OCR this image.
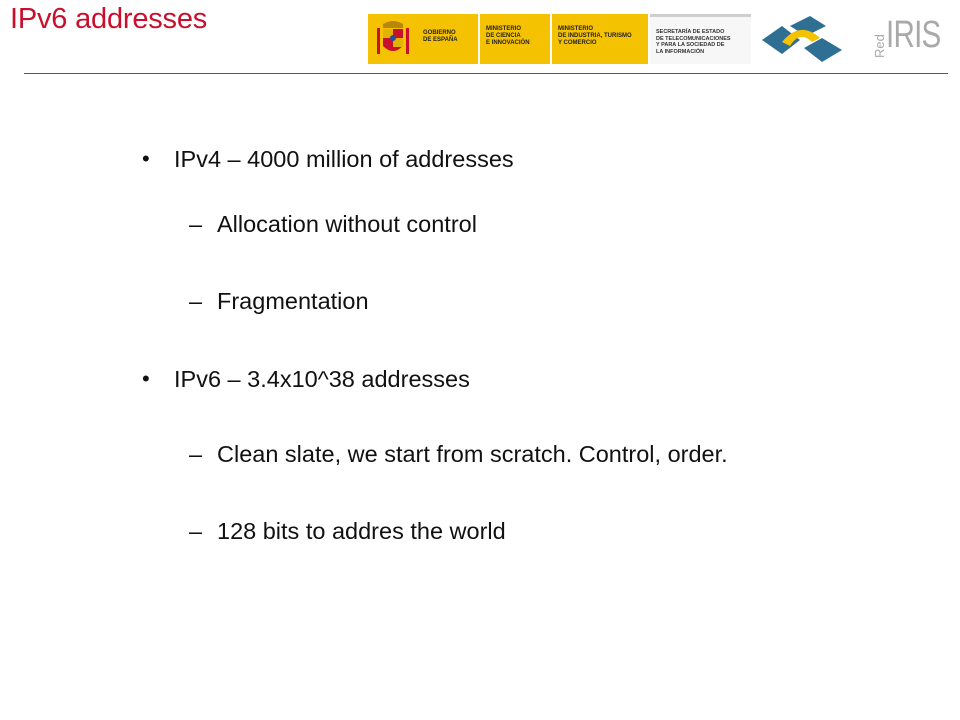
IPv6 addresses	GOBIERNO
DE ESPAÑA
MINISTERIO
DE CIENCIA
E INNOVACIÓN
MINISTERIO
DE INDUSTRIA, TURISMO
Y COMERCIO
SECRETARÍA DE ESTADO
DE TELECOMUNICACIONES
Y PARA LA SOCIEDAD DE
LA INFORMACIÓN	Red IRIS
• IPv4 – 4000 million of addresses
– Allocation without control
– Fragmentation
• IPv6 – 3.4x10^38 addresses
– Clean slate, we start from scratch. Control, order.
– 128 bits to addres the world
